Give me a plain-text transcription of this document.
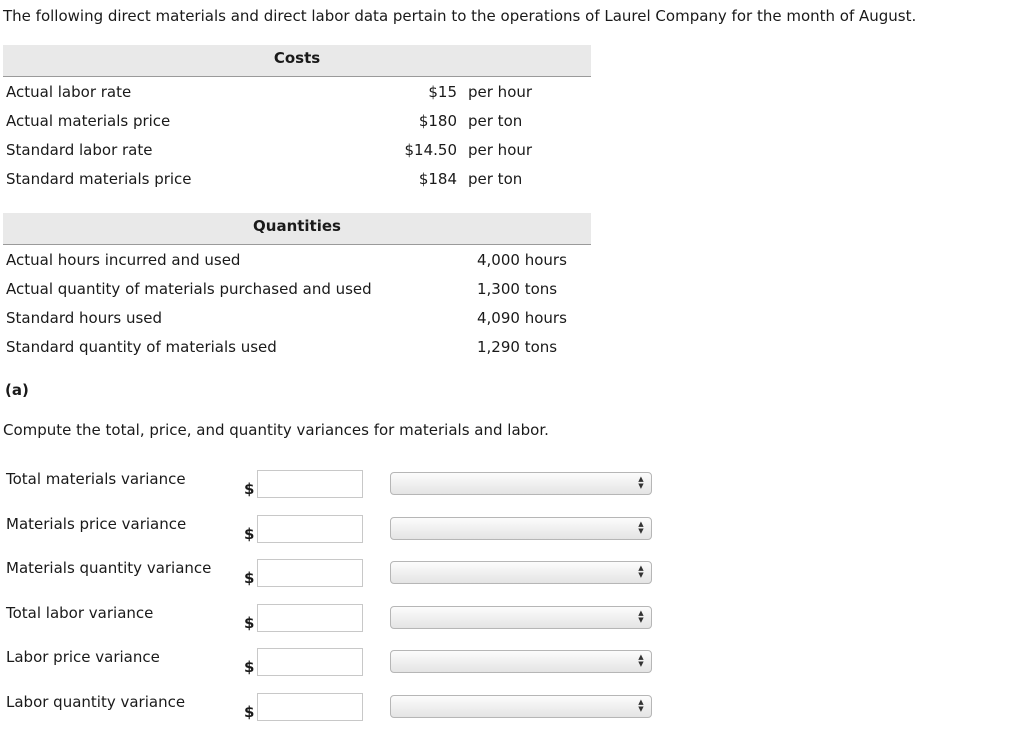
The following direct materials and direct labor data pertain to the operations of Laurel Company for the month of August.
Costs
Actual labor rate	$15 per hour
Actual materials price	$180 per ton
Standard labor rate	$14.50 per hour
Standard materials price	$184 per ton
Quantities
Actual hours incurred and used	4,000 hours
Actual quantity of materials purchased and used	1,300 tons
Standard hours used	4,090 hours
Standard quantity of materials used	1,290 tons
(a)
Compute the total, price, and quantity variances for materials and labor.
Total materials variance
$
▲
▼
Materials price variance
$
▲
▼
Materials quantity variance
$
▲
▼
Total labor variance
$
▲
▼
Labor price variance
$
▲
▼
Labor quantity variance
$
▲
▼
